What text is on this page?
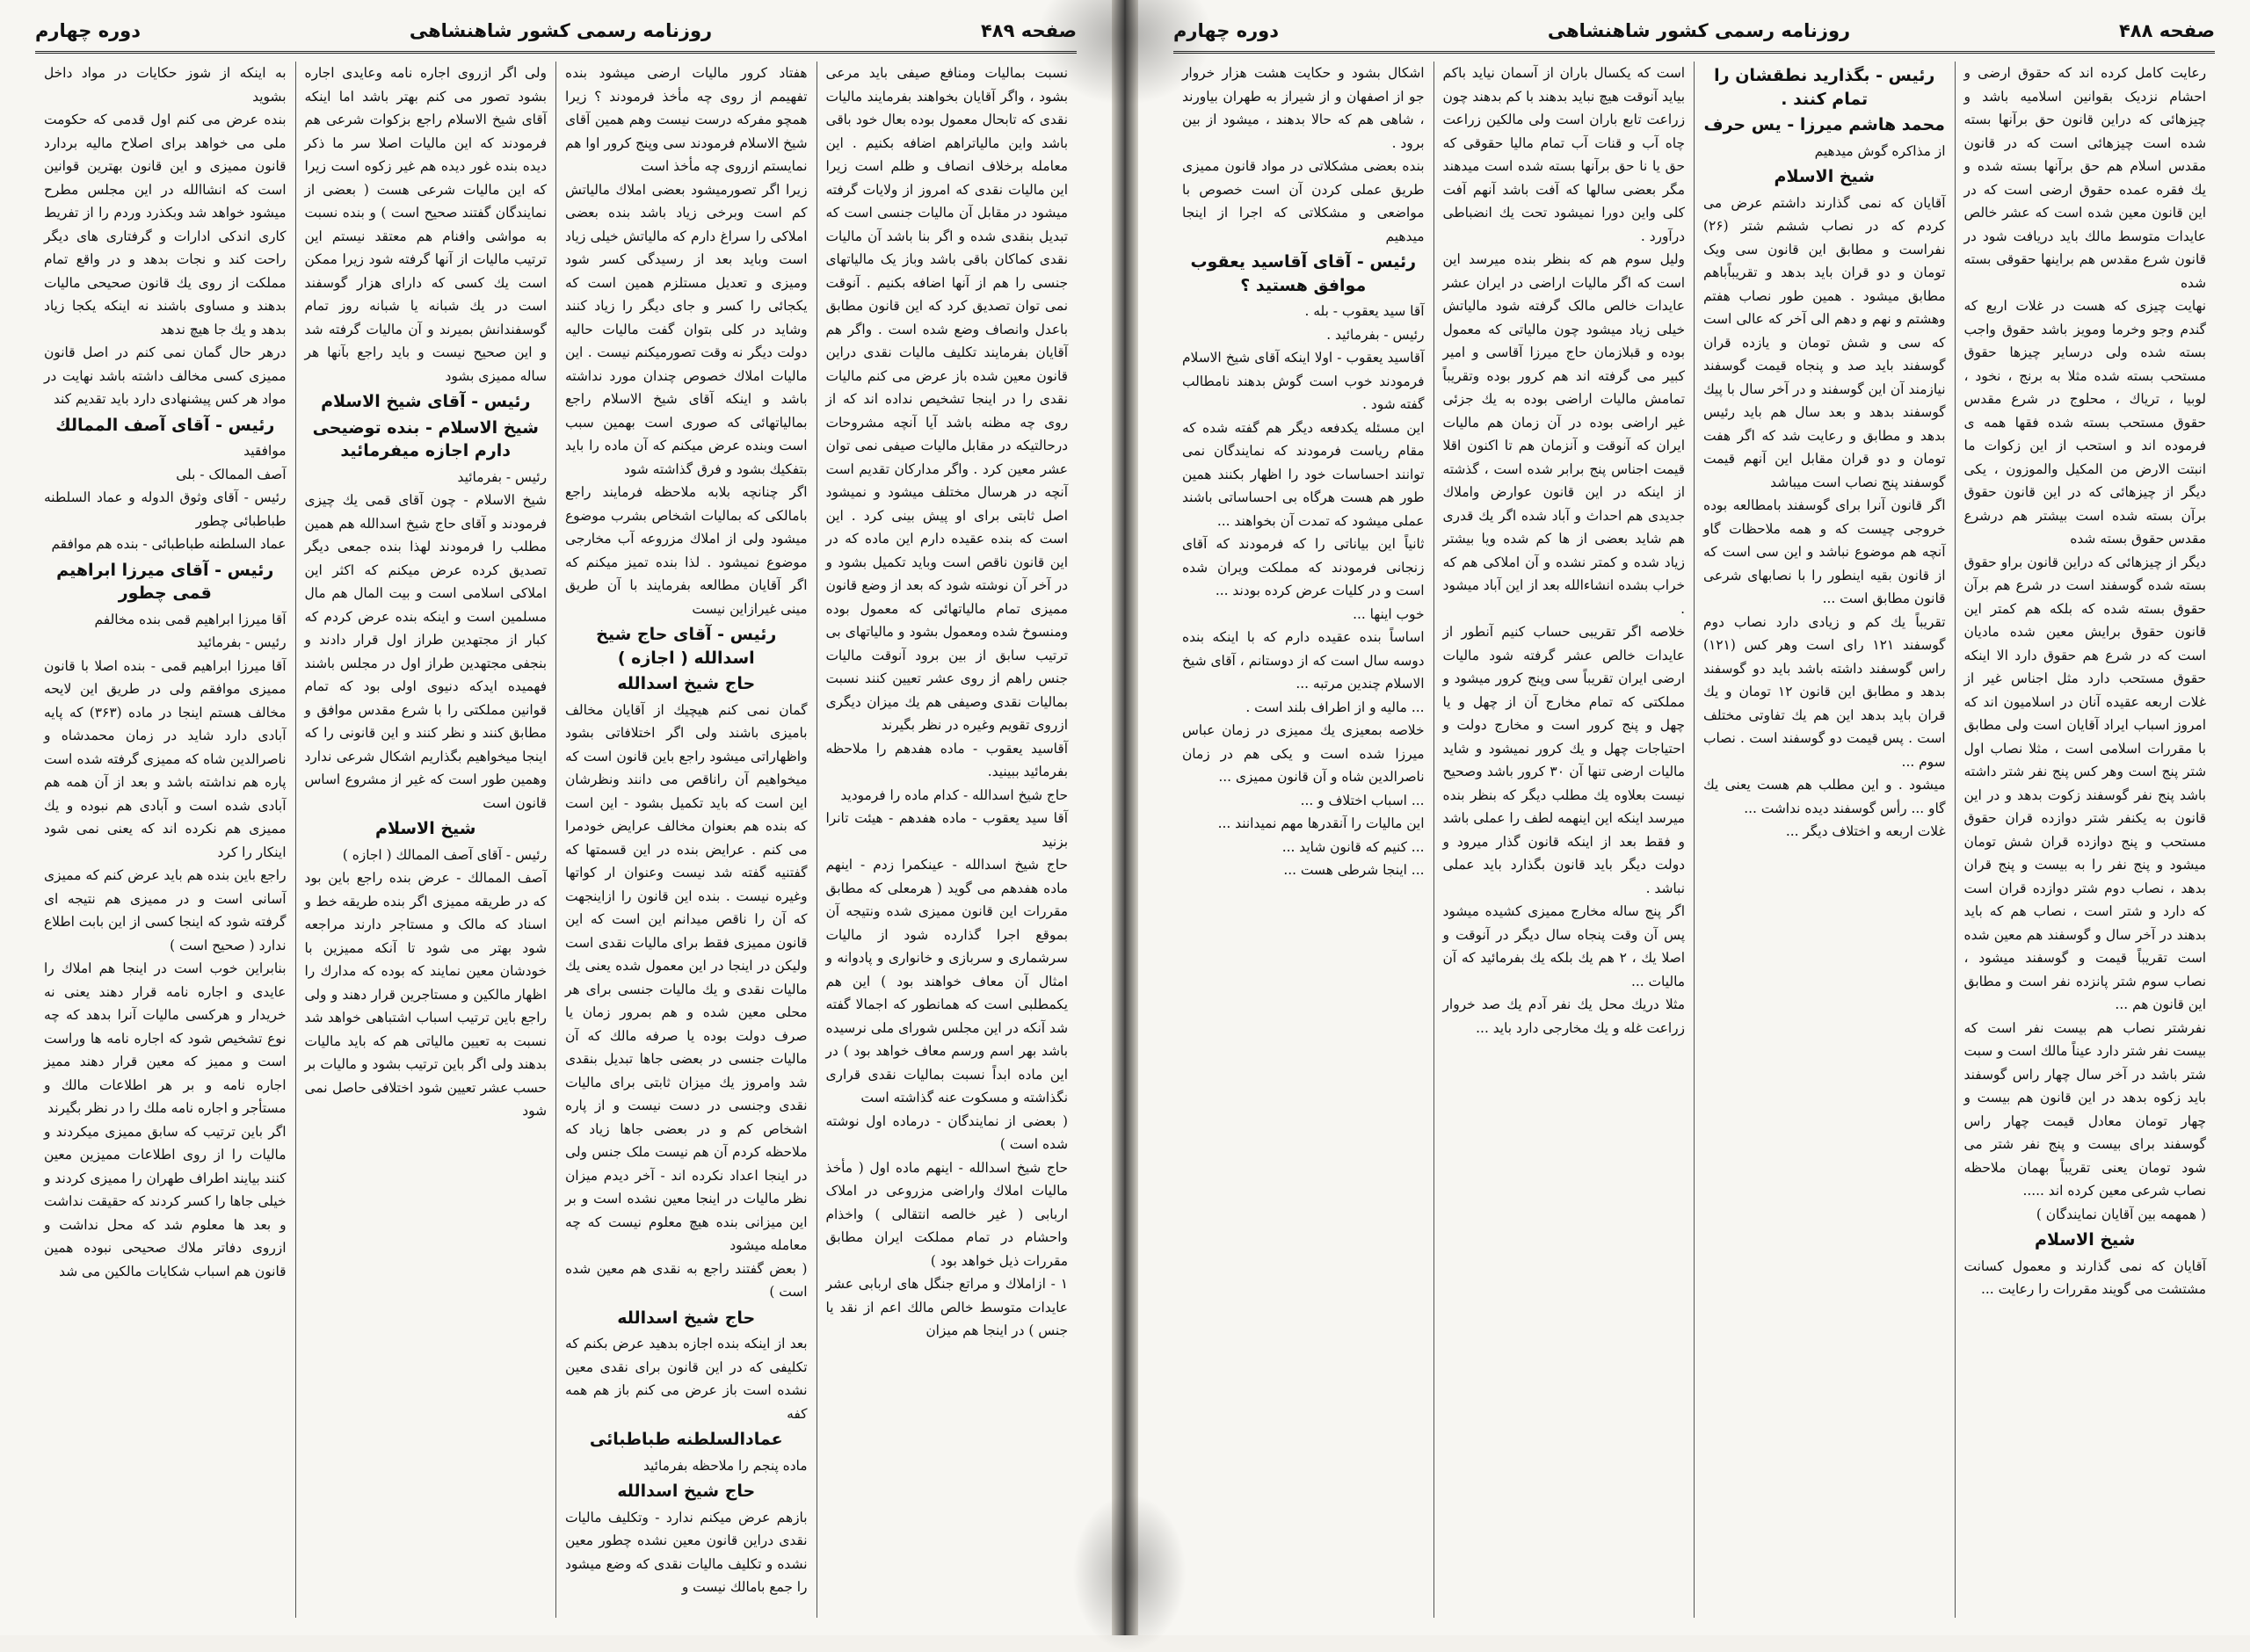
صفحه ۴۸۹
روزنامه رسمی کشور شاهنشاهی
دوره چهارم

نسبت بمالیات ومنافع صیفی باید مرعی بشود ، واگر آقایان بخواهند بفرمایند مالیات نقدی که تابحال معمول بوده بعال خود باقی باشد واین مالیاتراهم اضافه بکنیم . این معامله برخلاف انصاف و ظلم است زیرا این مالیات نقدی که امروز از ولایات گرفته میشود در مقابل آن مالیات جنسی است که تبدیل بنقدی شده و اگر بنا باشد آن مالیات نقدی کماکان باقی باشد وباز یک مالیاتهای جنسی را هم از آنها اضافه بکنیم . آنوقت نمی توان تصدیق کرد که این قانون مطابق باعدل وانصاف وضع شده است . واگر هم آقایان بفرمایند تکلیف مالیات نقدی دراین قانون معین شده باز عرض می کنم مالیات نقدی را در اینجا تشخیص نداده اند که از روی چه مظنه باشد آیا آنچه مشروحات درحالتیکه در مقابل مالیات صیفی نمی توان عشر معین کرد . واگر مداركان تقدیم است آنچه در هرسال مختلف میشود و نمیشود اصل ثابتی برای او پیش بینی کرد . این است که بنده عقیده دارم این ماده که در این قانون ناقص است وباید تکمیل بشود و در آخر آن نوشته شود که بعد از وضع قانون ممیزی تمام مالیاتهائی که معمول بوده ومنسوخ شده ومعمول بشود و مالیاتهای بی ترتیب سابق از بین برود آنوقت مالیات جنس راهم از روی عشر تعیین کنند نسبت بمالیات نقدی وصیفی هم یك میزان دیگری ازروی تقویم وغیره در نظر بگیرند

آقاسید یعقوب - ماده هفدهم را ملاحظه بفرمائید ببینید.

حاج شیخ اسدالله - کدام ماده را فرمودید

آقا سید یعقوب - ماده هفدهم - هیئت تانرا بزنید

حاج شیخ اسدالله - عینکمرا زدم - اینهم ماده هفدهم می گوید ( هرمعلی که مطابق مقررات این قانون ممیزی شده ونتیجه آن بموقع اجرا گذارده شود از مالیات سرشماری و سربازی و خانواری و پادوانه و امثال آن معاف خواهند بود ) این هم یکمطلبی است که همانطور که اجمالا گفته شد آنکه در این مجلس شورای ملی نرسیده باشد بهر اسم ورسم معاف خواهد بود ) در این ماده ابداً نسبت بمالیات نقدی قراری نگذاشته و مسکوت عنه گذاشته است

( بعضی از نمایندگان - درماده اول نوشته شده است )

حاج شیخ اسدالله - اینهم ماده اول ( مأخذ مالیات املاك واراضی مزروعی در املاک اربابی ( غیر خالصه انتقالی ) واخذام واحشام در تمام مملکت ایران مطابق مقررات ذیل خواهد بود )

۱ - ازاملاك و مراتع جنگل های اربابی عشر عایدات متوسط خالص مالك اعم از نقد یا جنس ) در اینجا هم میزان

هفتاد کرور مالیات ارضی میشود بنده تفهیمم از روی چه مأخذ فرمودند ؟ زیرا همچو مفرکه درست نیست وهم همین آقای شیخ الاسلام فرمودند سی وپنج کرور اوا هم نمایستم ازروی چه مأخذ است

زیرا اگر تصورمیشود بعضی املاك مالیاتش کم است وبرخی زیاد باشد بنده بعضی املاکی را سراغ دارم که مالیاتش خیلی زیاد است وباید بعد از رسیدگی کسر شود ومیزی و تعدیل مستلزم همین است که یکجائی را کسر و جای دیگر را زیاد کنند وشاید در کلی بتوان گفت مالیات حالیه دولت دیگر نه وقت تصورمیکنم نیست . این مالیات املاك خصوص چندان مورد نداشته باشد و اینکه آقای شیخ الاسلام راجع بمالیاتهائی که صوری است بهمین سبب است وبنده عرض میکنم که آن ماده را باید بتفکیك بشود و فرق گذاشته شود

اگر چنانچه بلابه ملاحظه فرمایند راجع بامالکی که بمالیات اشخاص بشرب موضوع میشود ولی از املاك مزروعه آب مخارجی موضوع نمیشود . لذا بنده تمیز میکنم که اگر آقایان مطالعه بفرمایند با آن طریق مینی غیرازاین نیست

رئیس - آقای حاج شیخ اسدالله ( اجازه )
حاج شیخ اسدالله

گمان نمی کنم هیچیك از آقایان مخالف بامیزی باشند ولی اگر اختلافاتی بشود واظهاراتی میشود راجع باین قانون است که میخواهیم آن راناقص می دانند ونظرشان این است که باید تکمیل بشود - این است که بنده هم بعنوان مخالف عرایض خودمرا می کنم . عرایض بنده در این قسمتها که گفتنیه گفته شد نیست وعنوان ار کواتها وغیره نیست . بنده این قانون را ازاینجهت که آن را ناقص میدانم این است که این قانون ممیزی فقط برای مالیات نقدی است ولیکن در اینجا در این معمول شده یعنی یك مالیات نقدی و یك مالیات جنسی برای هر محلی معین شده و هم بمرور زمان یا صرف دولت بوده یا صرفه مالك که آن مالیات جنسی در بعضی جاها تبدیل بنقدی شد وامروز یك میزان ثابتی برای مالیات نقدی وجنسی در دست نیست و از پاره اشخاص کم و در بعضی جاها زیاد که ملاحظه کردم آن هم نیست ملک جنس ولی در اینجا اعداد نکرده اند - آخر دیدم میزان نظر مالیات در اینجا معین نشده است و بر این میزانی بنده هیچ معلوم نیست که چه معامله میشود

( بعض گفتند راجع به نقدی هم معین شده است )

حاج شیخ اسدالله

بعد از اینکه بنده اجازه بدهید عرض بکنم که تکلیفی که در این قانون برای نقدی معین نشده است باز عرض می کنم باز هم همه کفه

عمادالسلطنه طباطبائی

ماده پنجم را ملاحظه بفرمائید

حاج شیخ اسدالله

بازهم عرض میکنم ندارد - وتکلیف مالیات نقدی دراین قانون معین نشده چطور معین نشده و تکلیف مالیات نقدی که وضع میشود را جمع بامالك نیست و

ولی اگر ازروی اجاره نامه وعایدی اجاره بشود تصور می کنم بهتر باشد اما اینکه آقای شیخ الاسلام راجع بزکوات شرعی هم فرمودند که این مالیات اصلا سر ما ذکر دیده بنده غور دیده هم غیر زکوه است زیرا که این مالیات شرعی هست ( بعضی از نمایندگان گفتند صحیح است ) و بنده نسبت به مواشی وافنام هم معتقد نیستم این ترتیب مالیات از آنها گرفته شود زیرا ممکن است یك کسی که دارای هزار گوسفند است در یك شبانه یا شبانه روز تمام گوسفندانش بمیرند و آن مالیات گرفته شد و این صحیح نیست و باید راجع بآنها هر ساله ممیزی بشود

رئیس - آقای شیخ الاسلام
شیخ الاسلام - بنده توضیحی دارم اجازه میفرمائید

رئیس - بفرمائید

شیخ الاسلام - چون آقای قمی یك چیزی فرمودند و آقای حاج شیخ اسدالله هم همین مطلب را فرمودند لهذا بنده جمعی دیگر تصدیق کرده عرض میکنم که اکثر این املاکی اسلامی است و بیت المال هم مال مسلمین است و اینکه بنده عرض کردم که کبار از مجتهدین طراز اول قرار دادند و بنجفی مجتهدین طراز اول در مجلس باشند فهمیده ایدکه دنیوی اولی بود که تمام قوانین مملکتی را با شرع مقدس موافق و مطابق کنند و نظر کنند و این قانونی را که اینجا میخواهیم بگذاریم اشکال شرعی ندارد وهمین طور است که غیر از مشروع اساس قانون است

شیخ الاسلام

رئیس - آقای آصف الممالك ( اجازه )

آصف الممالك - عرض بنده راجع باین بود که در طریقه ممیزی اگر بنده طریقه خط و اسناد که مالک و مستاجر دارند مراجعه شود بهتر می شود تا آنکه ممیزین با خودشان معین نمایند که بوده که مدارك را اظهار مالکین و مستاجرین قرار دهند و ولی راجع باین ترتیب اسباب اشتباهی خواهد شد نسبت به تعیین مالیاتی هم که باید مالیات بدهند ولی اگر باين ترتیب بشود و مالیات بر حسب عشر تعیین شود اختلافی حاصل نمی شود

به اینکه از شوز حکایات در مواد داخل بشوید

بنده عرض می کنم اول قدمی که حکومت ملی می خواهد برای اصلاح مالیه بردارد قانون ممیزی و این قانون بهترین قوانین است که انشاالله در این مجلس مطرح میشود خواهد شد وبکذرد وردم را از تفریط کاری اندکی ادارات و گرفتاری های دیگر راحت کند و نجات بدهد و در واقع تمام مملکت از روی یك قانون صحیحی مالیات بدهند و مساوی باشند نه اینکه یکجا زیاد بدهد و یك جا هیچ ندهد

درهر حال گمان نمی کنم در اصل قانون ممیزی کسی مخالف داشته باشد نهایت در مواد هر کس پیشنهادی دارد باید تقدیم کند

رئیس - آقای آصف الممالك

موافقید

آصف الممالک - بلی

رئیس - آقای وثوق الدوله و عماد السلطنه طباطبائی چطور

عماد السلطنه طباطبائی - بنده هم موافقم

رئیس - آقای میرزا ابراهیم قمی چطور

آقا میرزا ابراهیم قمی بنده مخالفم

رئیس - بفرمائید

آقا میرزا ابراهیم قمی - بنده اصلا با قانون ممیزی موافقم ولی در طریق این لایحه مخالف هستم اینجا در ماده (۳۶۳) که پایه آبادی دارد شاید در زمان محمدشاه و ناصرالدین شاه که ممیزی گرفته شده است پاره هم نداشته باشد و بعد از آن همه هم آبادی شده است و آبادی هم نبوده و یك ممیزی هم نکرده اند که یعنی نمی شود اینکار را کرد

راجع باین بنده هم باید عرض کنم که ممیزی آسانی است و در ممیزی هم نتیجه ای گرفته شود که اینجا کسی از این بابت اطلاع ندارد ( صحیح است )

بنابراین خوب است در اینجا هم املاك را عایدی و اجاره نامه قرار دهند یعنی نه خریدار و هرکسی مالیات آنرا بدهد که چه نوع تشخیص شود که اجاره نامه ها وراست است و ممیز که معین قرار دهند ممیز اجاره نامه و بر هر اطلاعات مالك و مستأجر و اجاره نامه ملك را در نظر بگیرند

اگر باین ترتیب که سابق ممیزی میکردند و مالیات را از روی اطلاعات ممیزین معین کنند بیایند اطراف طهران را ممیزی کردند و خیلی جاها را کسر کردند که حقیقت نداشت و بعد ها معلوم شد که محل نداشت و ازروی دفاتر ملاك صحیحی نبوده همین قانون هم اسباب شکایات مالکین می شد

صفحه ۴۸۸
روزنامه رسمی کشور شاهنشاهی
دوره چهارم

رعایت کامل کرده اند که حقوق ارضی و احشام نزدیک بقوانین اسلامیه باشد و چیزهائی که دراین قانون حق برآنها بسته شده است چیزهائی است که در قانون مقدس اسلام هم حق برآنها بسته شده و یك فقره عمده حقوق ارضی است که در این قانون معین شده است که عشر خالص عایدات متوسط مالك باید دریافت شود در قانون شرع مقدس هم براینها حقوقی بسته شده

نهایت چیزی که هست در غلات اربع که گندم وجو وخرما ومویز باشد حقوق واجب بسته شده ولی درسایر چیزها حقوق مستحب بسته شده مثلا به برنج ، نخود ، لوبیا ، ترياك ، محلوج در شرع مقدس حقوق مستحب بسته شده فقها همه ی فرموده اند و استحب از این زکوات ما انبتت الارض من المکیل والموزون ، یکی دیگر از چیزهائی که در این قانون حقوق برآن بسته شده است بیشتر هم درشرع مقدس حقوق بسته شده

دیگر از چیزهائی که دراین قانون براو حقوق بسته شده گوسفند است در شرع هم برآن حقوق بسته شده که بلکه هم کمتر این قانون حقوق برایش معین شده مادیان است که در شرع هم حقوق دارد الا اینکه حقوق مستحب دارد مثل اجناس غیر از غلات اربعه عقیده آنان در اسلامیون اند که امروز اسباب ایراد آقایان است ولی مطابق با مقررات اسلامی است ، مثلا نصاب اول شتر پنج است وهر کس پنج نفر شتر داشته باشد پنج نفر گوسفند زکوت بدهد و در این قانون به یکنفر شتر دوازده قران حقوق مستحب و پنج دوازده قران شش تومان میشود و پنج نفر را به بیست و پنج قران بدهد ، نصاب دوم شتر دوازده قران است که دارد و شتر است ، نصاب هم که باید بدهند در آخر سال و گوسفند هم معین شده است تقریباً قیمت و گوسفند میشود ، نصاب سوم شتر پانزده نفر است و مطابق این قانون هم ...

نفرشتر نصاب هم بیست نفر است که بیست نفر شتر دارد عیناً مالك است و سبت شتر باشد در آخر سال چهار راس گوسفند باید زکوه بدهد در این قانون هم بیست و چهار تومان معادل قیمت چهار راس گوسفند برای بیست و پنج نفر شتر می شود تومان یعنی تقریباً بهمان ملاحظه نصاب شرعی معین کرده اند .....

( همهمه بین آقایان نمایندگان )

شیخ الاسلام

آقایان که نمی گذارند و معمول کسانت مشتشت می گویند مقررات را رعایت ...

رئیس - بگذارید نطقشان را تمام کنند .
محمد هاشم میرزا - یس حرف

از مذاکره گوش میدهیم

شیخ الاسلام

آقایان که نمی گذارند داشتم عرض می کردم که در نصاب ششم شتر (۲۶) نفراست و مطابق این قانون سی ویک تومان و دو قران باید بدهد و تقریباًباهم مطابق میشود . همین طور نصاب هفتم وهشتم و نهم و دهم الی آخر که عالی است که سی و شش تومان و یازده قران گوسفند باید صد و پنجاه قیمت گوسفند نیازمند آن این گوسفند و در آخر سال با پیك گوسفند بدهد و بعد سال هم باید رئیس بدهد و مطابق و رعایت شد که اگر هفت تومان و دو قران مقابل این آنهم قیمت گوسفند پنج نصاب است میباشد

اگر قانون آنرا برای گوسفند بامطالعه بوده خروجی چیست که و همه ملاحظات گاو آنچه هم موضوع نباشد و این سی است که از قانون بقیه اینطور را با نصابهای شرعی قانون مطابق است ...

تقریباً یك کم و زیادی دارد نصاب دوم گوسفند ۱۲۱ رای است وهر کس (۱۲۱) راس گوسفند داشته باشد باید دو گوسفند بدهد و مطابق این قانون ۱۲ تومان و یك قران باید بدهد این هم یك تفاوتی مختلف است . پس قیمت دو گوسفند است . نصاب سوم ...

میشود . و این مطلب هم هست یعنی یك گاو ... رأس گوسفند دیده نداشت ...

غلات اربعه و اختلاف دیگر ...

است که یکسال باران از آسمان نیاید باکم بیاید آنوقت هیچ نباید بدهند با کم بدهند چون زراعت تابع باران است ولی مالکین زراعت چاه آب و قنات آب تمام مالیا حقوقی که حق یا نا حق برآنها بسته شده است میدهند مگر بعضی سالها که آفت باشد آنهم آفت کلی واین دورا نمیشود تحت یك انضباطی درآورد .

ولیل سوم هم که بنظر بنده میرسد این است که اگر مالیات اراضی در ایران عشر عایدات خالص مالک گرفته شود مالیاتش خیلی زیاد میشود چون مالیاتی که معمول بوده و قبلازمان حاج میرزا آقاسی و امیر کبیر می گرفته اند هم کرور بوده وتقریباً تمامش مالیات اراضی بوده به یك جزئی غیر اراضی بوده در آن زمان هم مالیات ایران که آنوقت و آنزمان هم تا اکنون اقلا قیمت اجناس پنج برابر شده است ، گذشته از اینکه در این قانون عوارض واملاك جدیدی هم احداث و آباد شده اگر یك قدری هم شاید بعضی از ها کم شده ویا بیشتر زیاد شده و کمتر نشده و آن املاکی هم که خراب بشده انشاءالله بعد از این آباد میشود .

خلاصه اگر تقریبی حساب کنیم آنطور از عایدات خالص عشر گرفته شود مالیات ارضی ایران تقریباً سی وپنج کرور میشود و مملکتی که تمام مخارج آن از چهل و یا چهل و پنج کرور است و مخارج دولت و احتیاجات چهل و یك کرور نمیشود و شاید مالیات ارضی تنها آن ۳۰ کرور باشد وصحیح نیست بعلاوه یك مطلب دیگر که بنظر بنده میرسد اینکه این اینهمه لطف را عملی باشد و فقط بعد از اینکه قانون گذار میرود و دولت دیگر باید قانون بگذارد باید عملی نباشد .

اگر پنج ساله مخارج ممیزی کشیده میشود پس آن وقت پنجاه سال دیگر در آنوقت و اصلا یك ، ۲ هم یك بلکه یك بفرمائید که آن مالیات ...

مثلا دریك محل یك نفر آدم یك صد خروار زراعت غله و یك مخارجی دارد باید ...

اشکال بشود و حکایت هشت هزار خروار جو از اصفهان و از شیراز به طهران بیاورند ، شاهی هم که حالا بدهند ، میشود از بین برود .

بنده بعضی مشکلاتی در مواد قانون ممیزی طریق عملی کردن آن است خصوص با مواضعی و مشکلاتی که اجرا از اینجا میدهیم

رئیس - آقای آقاسید یعقوب موافق هستید ؟

آقا سید یعقوب - بله .

رئیس - بفرمائید .

آقاسید یعقوب - اولا اینکه آقای شیخ الاسلام فرمودند خوب است گوش بدهند نامطالب گفته شود .

این مسئله یکدفعه دیگر هم گفته شده که مقام ریاست فرمودند که نمایندگان نمی توانند احساسات خود را اظهار بکنند همین طور هم هست هرگاه بی احساساتی باشند عملی میشود که تمدت آن بخواهند ...

ثانیاً این بیاناتی را که فرمودند که آقای زنجانی فرمودند که مملکت ویران شده است و در کلیات عرض کرده بودند ...

خوب اینها ...

اساساً بنده عقیده دارم که با اینکه بنده دوسه سال است که از دوستانم ، آقای شیخ الاسلام چندین مرتبه ...

... مالیه و از اطراف بلند است .

خلاصه بمعیزی یك ممیزی در زمان عباس میرزا شده است و یکی هم در زمان ناصرالدین شاه و آن قانون ممیزی ...

... اسباب اختلاف و ...

این مالیات را آنقدرها مهم نمیدانند ...

... کنیم که قانون شاید ...

... اینجا شرطی هست ...
